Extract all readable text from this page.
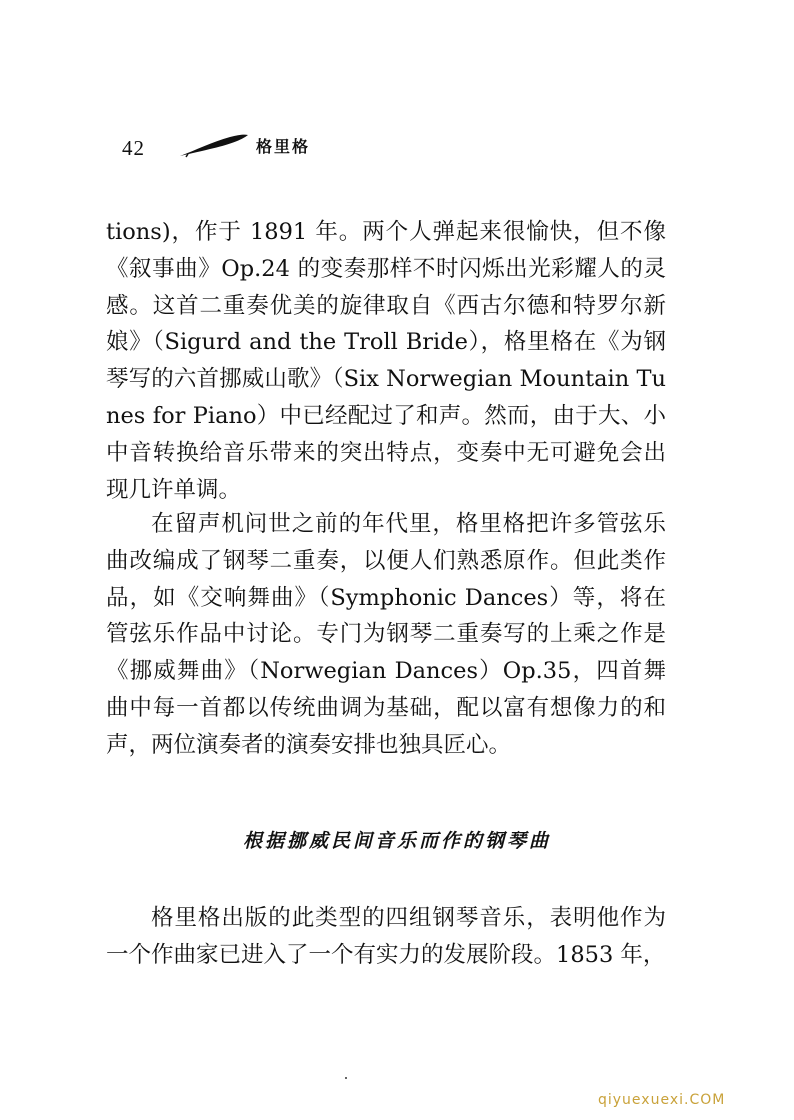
42	格里格

tions)，作于 1891 年。两个人弹起来很愉快，但不像《叙事曲》Op.24 的变奏那样不时闪烁出光彩耀人的灵感。这首二重奏优美的旋律取自《西古尔德和特罗尔新娘》（Sigurd and the Troll Bride），格里格在《为钢琴写的六首挪威山歌》（Six Norwegian Mountain Tunes for Piano）中已经配过了和声。然而，由于大、小中音转换给音乐带来的突出特点，变奏中无可避免会出现几许单调。

在留声机问世之前的年代里，格里格把许多管弦乐曲改编成了钢琴二重奏，以便人们熟悉原作。但此类作品，如《交响舞曲》（Symphonic Dances）等，将在管弦乐作品中讨论。专门为钢琴二重奏写的上乘之作是《挪威舞曲》（Norwegian Dances）Op.35，四首舞曲中每一首都以传统曲调为基础，配以富有想像力的和声，两位演奏者的演奏安排也独具匠心。

根据挪威民间音乐而作的钢琴曲

格里格出版的此类型的四组钢琴音乐，表明他作为一个作曲家已进入了一个有实力的发展阶段。1853 年，

qiyuexuexi.COM
